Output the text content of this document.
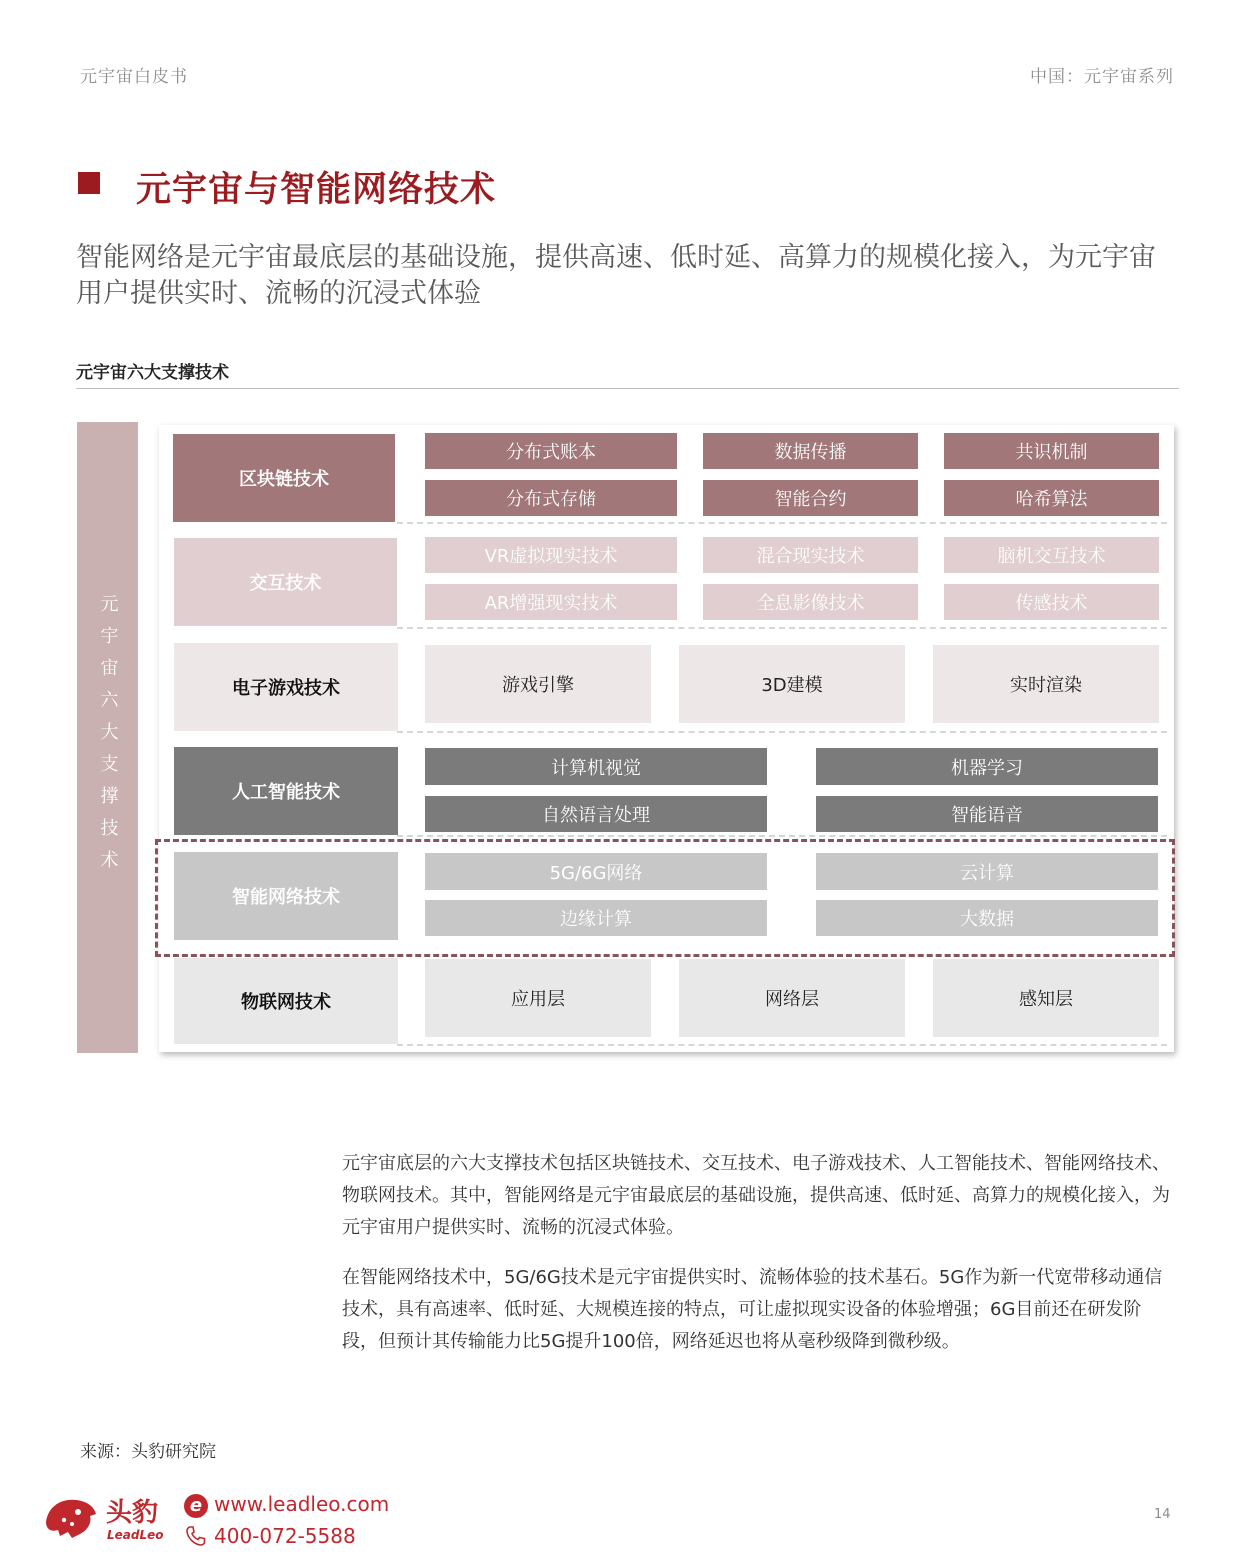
元宇宙白皮书	中国：元宇宙系列
元宇宙与智能网络技术
智能网络是元宇宙最底层的基础设施，提供高速、低时延、高算力的规模化接入，为元宇宙用户提供实时、流畅的沉浸式体验
元宇宙六大支撑技术
元宇宙六大支撑技术
区块链技术
分布式账本	数据传播	共识机制
分布式存储	智能合约	哈希算法
交互技术
VR虚拟现实技术	混合现实技术	脑机交互技术
AR增强现实技术	全息影像技术	传感技术
电子游戏技术	游戏引擎	3D建模	实时渲染
人工智能技术
计算机视觉	机器学习
自然语言处理	智能语音
智能网络技术
5G/6G网络	云计算
边缘计算	大数据
物联网技术	应用层	网络层	感知层
元宇宙底层的六大支撑技术包括区块链技术、交互技术、电子游戏技术、人工智能技术、智能网络技术、物联网技术。其中，智能网络是元宇宙最底层的基础设施，提供高速、低时延、高算力的规模化接入，为元宇宙用户提供实时、流畅的沉浸式体验。
在智能网络技术中，5G/6G技术是元宇宙提供实时、流畅体验的技术基石。5G作为新一代宽带移动通信技术，具有高速率、低时延、大规模连接的特点，可让虚拟现实设备的体验增强；6G目前还在研发阶段，但预计其传输能力比5G提升100倍，网络延迟也将从毫秒级降到微秒级。
来源：头豹研究院
头豹
LeadLeo
e www.leadleo.com
400-072-5588
14
